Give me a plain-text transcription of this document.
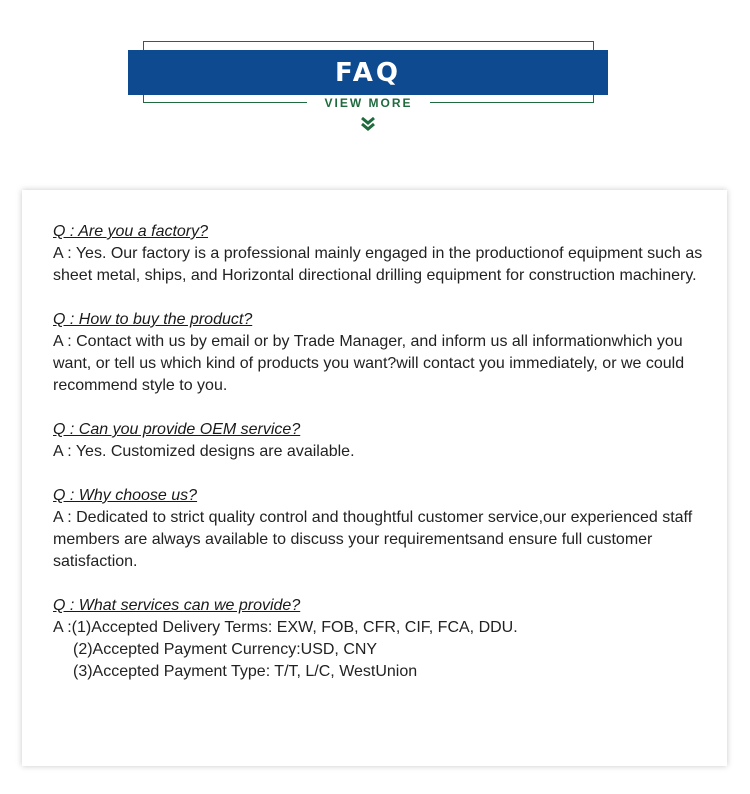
FAQ
VIEW MORE
Q : Are you a factory?
A : Yes. Our factory is a professional mainly engaged in the productionof equipment such as sheet metal, ships, and Horizontal directional drilling equipment for construction machinery.
Q : How to buy the product?
A : Contact with us by email or by Trade Manager, and inform us all informationwhich you want, or tell us which kind of products you want?will contact you immediately, or we could recommend style to you.
Q : Can you provide OEM service?
A : Yes. Customized designs are available.
Q : Why choose us?
A : Dedicated to strict quality control and thoughtful customer service,our experienced staff members are always available to discuss your requirementsand ensure full customer satisfaction.
Q : What services can we provide?
A :(1)Accepted Delivery Terms: EXW, FOB, CFR, CIF, FCA, DDU.
(2)Accepted Payment Currency:USD, CNY
(3)Accepted Payment Type: T/T, L/C, WestUnion
